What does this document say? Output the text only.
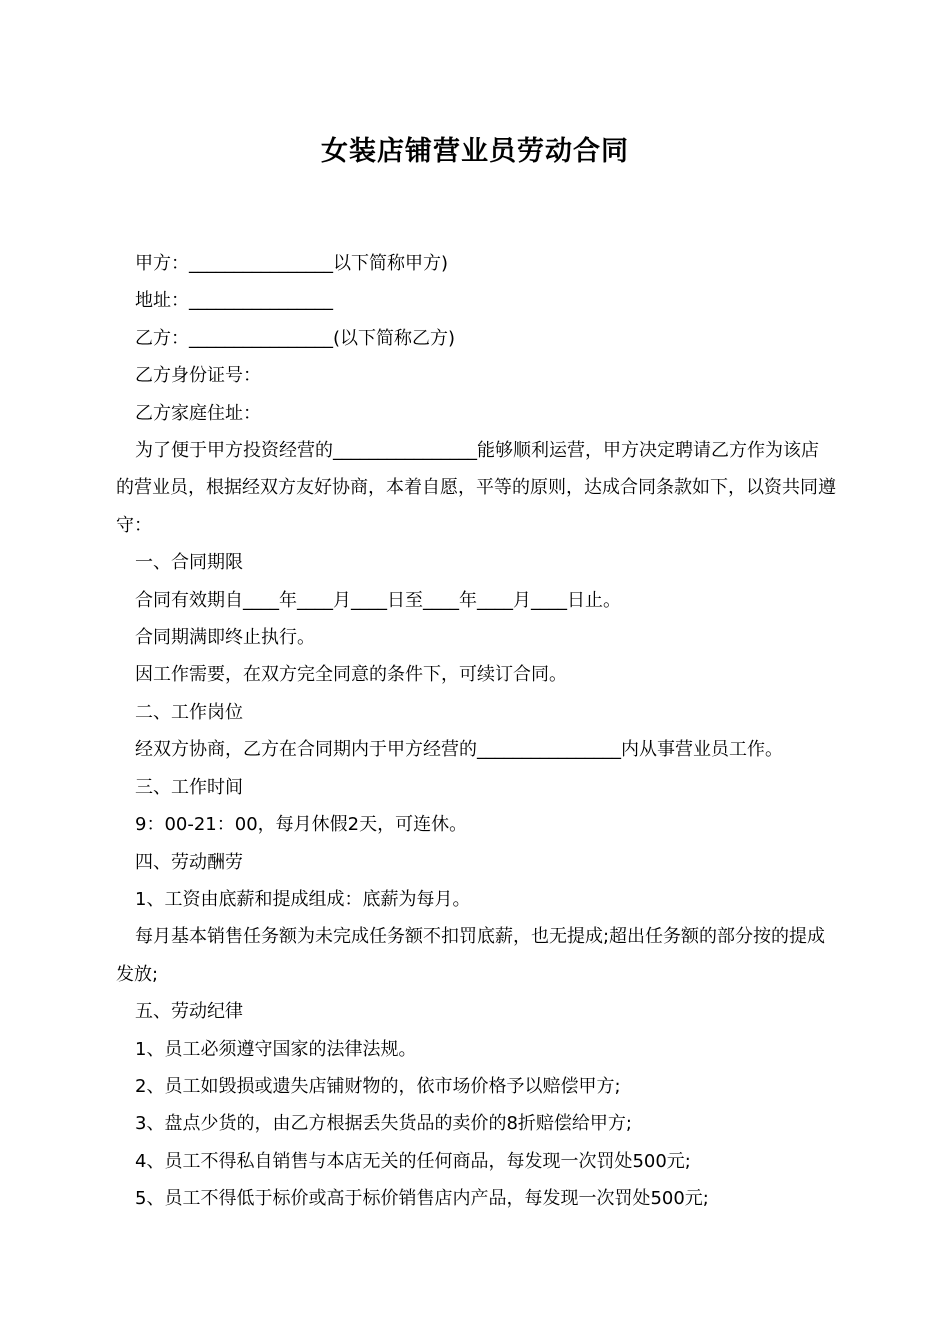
女装店铺营业员劳动合同

甲方：________________以下简称甲方)

地址：________________

乙方：________________(以下简称乙方)

乙方身份证号：

乙方家庭住址：

为了便于甲方投资经营的________________能够顺利运营，甲方决定聘请乙方作为该店的营业员，根据经双方友好协商，本着自愿，平等的原则，达成合同条款如下，以资共同遵守：

一、合同期限

合同有效期自____年____月____日至____年____月____日止。

合同期满即终止执行。

因工作需要，在双方完全同意的条件下，可续订合同。

二、工作岗位

经双方协商，乙方在合同期内于甲方经营的________________内从事营业员工作。

三、工作时间

9：00-21：00，每月休假2天，可连休。

四、劳动酬劳

1、工资由底薪和提成组成：底薪为每月。

每月基本销售任务额为未完成任务额不扣罚底薪，也无提成;超出任务额的部分按的提成发放;

五、劳动纪律

1、员工必须遵守国家的法律法规。

2、员工如毁损或遗失店铺财物的，依市场价格予以赔偿甲方;

3、盘点少货的，由乙方根据丢失货品的卖价的8折赔偿给甲方;

4、员工不得私自销售与本店无关的任何商品，每发现一次罚处500元;

5、员工不得低于标价或高于标价销售店内产品，每发现一次罚处500元;
